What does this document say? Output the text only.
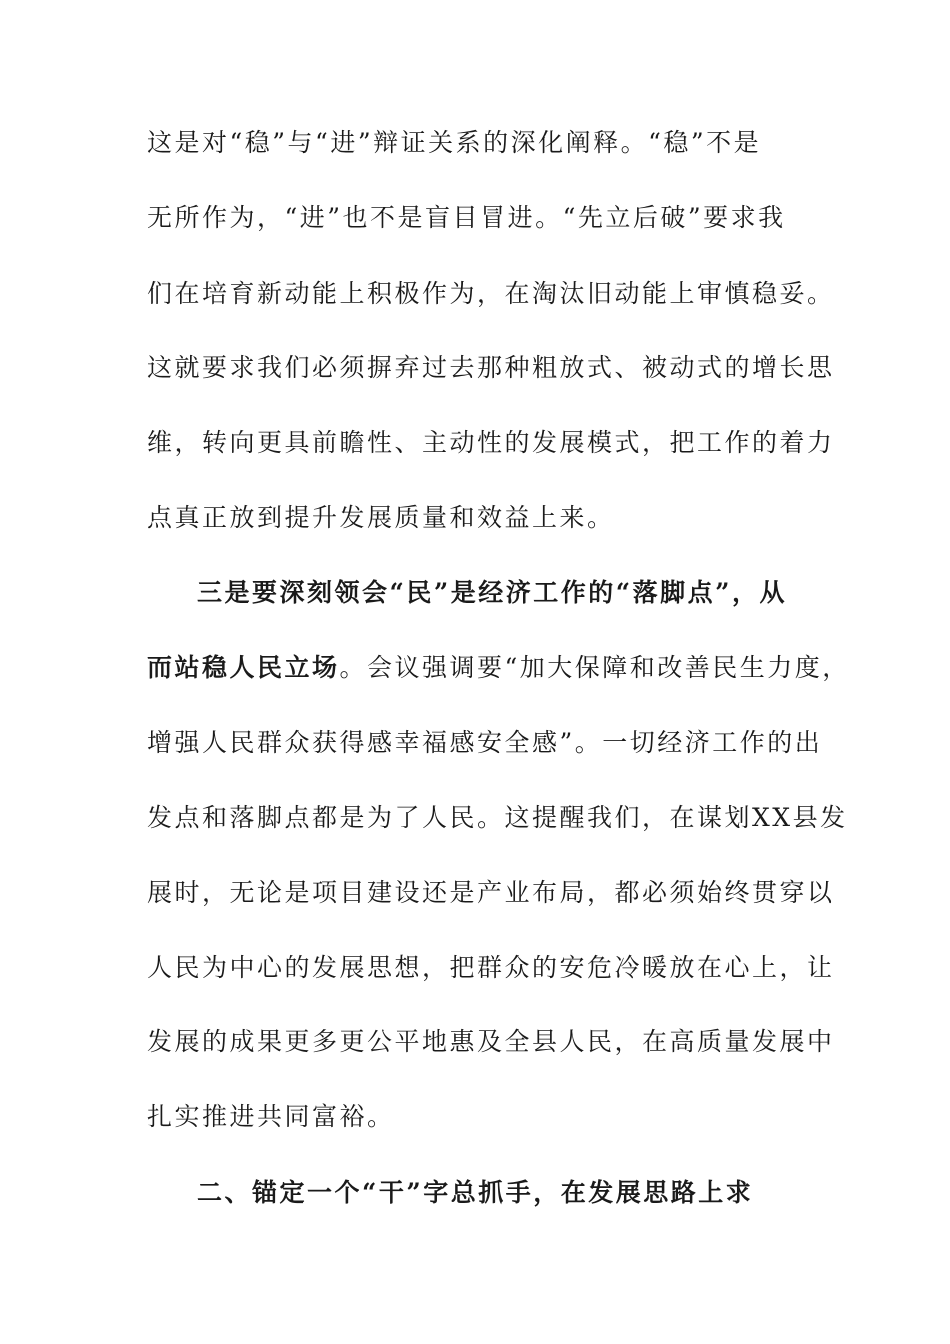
这是对“稳”与“进”辩证关系的深化阐释。“稳”不是
无所作为，“进”也不是盲目冒进。“先立后破”要求我
们在培育新动能上积极作为，在淘汰旧动能上审慎稳妥。
这就要求我们必须摒弃过去那种粗放式、被动式的增长思
维，转向更具前瞻性、主动性的发展模式，把工作的着力
点真正放到提升发展质量和效益上来。
三是要深刻领会“民”是经济工作的“落脚点”，从
而站稳人民立场。会议强调要“加大保障和改善民生力度，
增强人民群众获得感幸福感安全感”。一切经济工作的出
发点和落脚点都是为了人民。这提醒我们，在谋划XX县发
展时，无论是项目建设还是产业布局，都必须始终贯穿以
人民为中心的发展思想，把群众的安危冷暖放在心上，让
发展的成果更多更公平地惠及全县人民，在高质量发展中
扎实推进共同富裕。
二、锚定一个“干”字总抓手，在发展思路上求
